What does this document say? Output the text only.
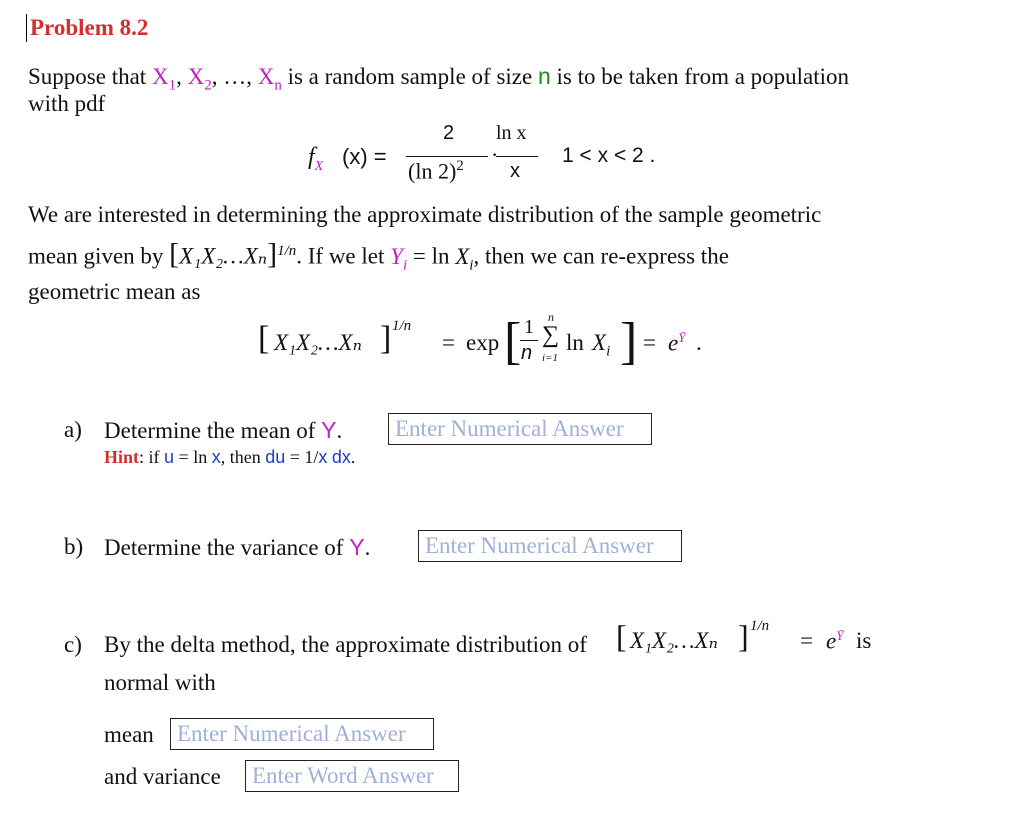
Problem 8.2
Suppose that $X_1$, $X_2$, …, $X_n$ is a random sample of size n is to be taken from a population
with pdf
$f_X$ (x) =
2
(ln 2)$^2$ ·
ln x
x
1 < x < 2 .
We are interested in determining the approximate distribution of the sample geometric
mean given by [X₁X₂…Xₙ]$^{1/n}$. If we let $Y_i = \ln X_i$, then we can re-express the
geometric mean as
[ X₁X₂…Xₙ ] 1/n
= exp [ 1
n
n
∑
i=1
$\ln X_i$ ] = $e^Ȳ$ .
a) Determine the mean of Y.	Enter Numerical Answer
Hint: if u = ln x, then du = 1/x dx.
b) Determine the variance of Y.	Enter Numerical Answer
c) By the delta method, the approximate distribution of [ X₁X₂…Xₙ ] 1/n
= $e^Ȳ$ is
normal with
mean	Enter Numerical Answer
and variance	Enter Word Answer
